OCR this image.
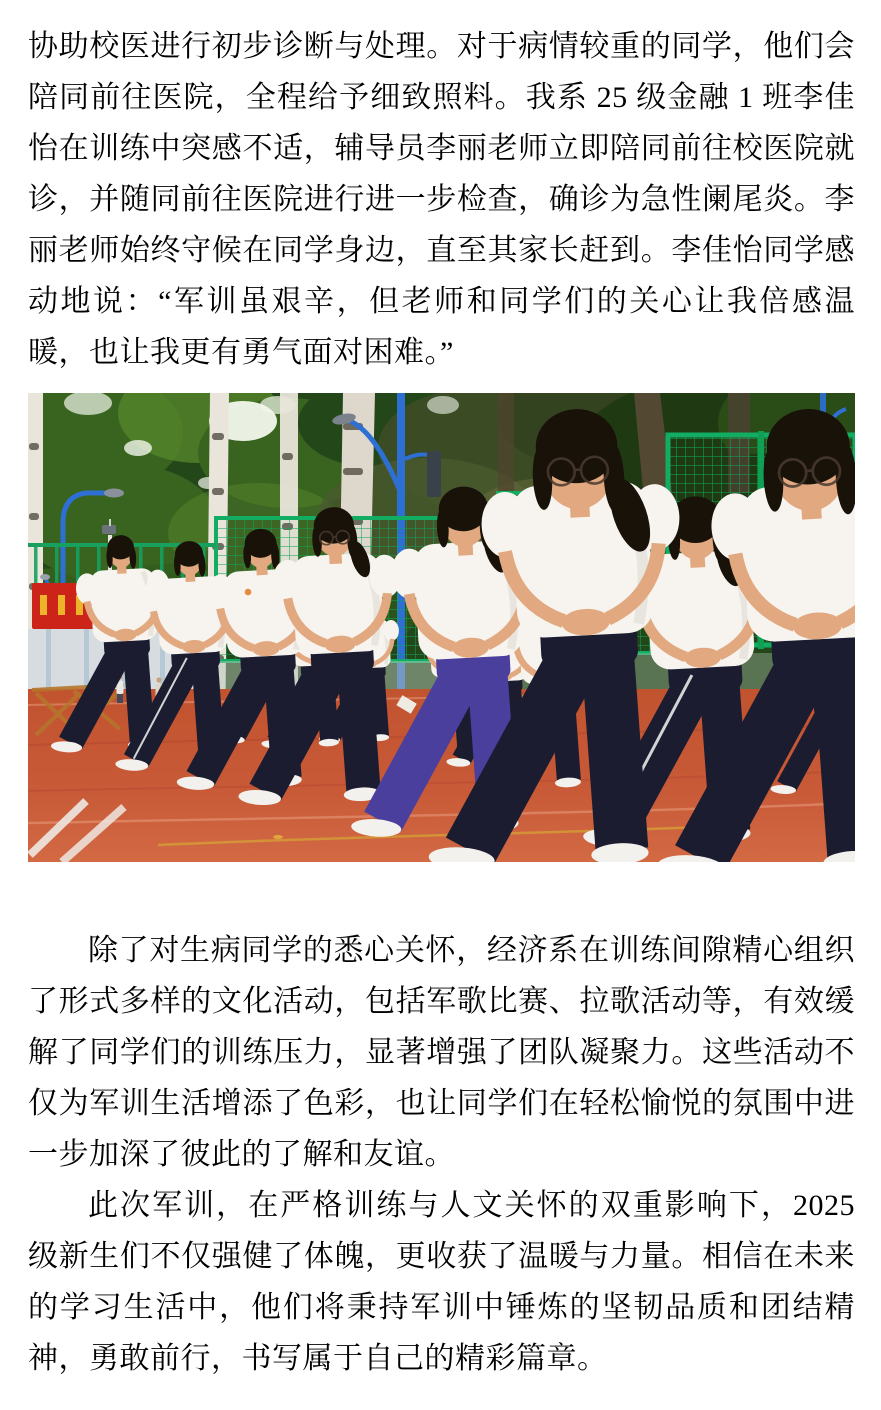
协助校医进行初步诊断与处理。对于病情较重的同学，他们会陪同前往医院，全程给予细致照料。我系 25 级金融 1 班李佳怡在训练中突感不适，辅导员李丽老师立即陪同前往校医院就诊，并随同前往医院进行进一步检查，确诊为急性阑尾炎。李丽老师始终守候在同学身边，直至其家长赶到。李佳怡同学感动地说：“军训虽艰辛，但老师和同学们的关心让我倍感温暖，也让我更有勇气面对困难。”

除了对生病同学的悉心关怀，经济系在训练间隙精心组织了形式多样的文化活动，包括军歌比赛、拉歌活动等，有效缓解了同学们的训练压力，显著增强了团队凝聚力。这些活动不仅为军训生活增添了色彩，也让同学们在轻松愉悦的氛围中进一步加深了彼此的了解和友谊。

此次军训，在严格训练与人文关怀的双重影响下，2025 级新生们不仅强健了体魄，更收获了温暖与力量。相信在未来的学习生活中，他们将秉持军训中锤炼的坚韧品质和团结精神，勇敢前行，书写属于自己的精彩篇章。
